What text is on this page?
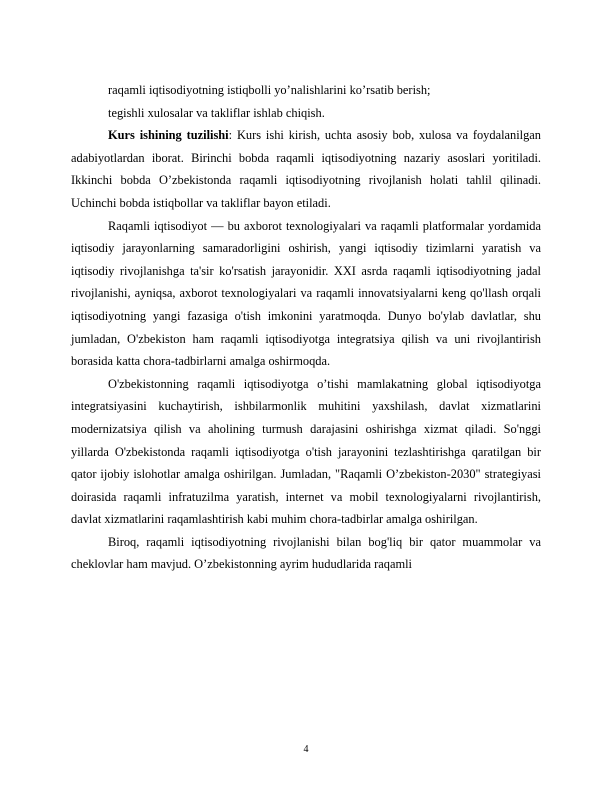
raqamli iqtisodiyotning istiqbolli yo’nalishlarini ko’rsatib berish;

tegishli xulosalar va takliflar ishlab chiqish.

Kurs ishining tuzilishi: Kurs ishi kirish, uchta asosiy bob, xulosa va foydalanilgan adabiyotlardan iborat. Birinchi bobda raqamli iqtisodiyotning nazariy asoslari yoritiladi. Ikkinchi bobda O’zbekistonda raqamli iqtisodiyotning rivojlanish holati tahlil qilinadi. Uchinchi bobda istiqbollar va takliflar bayon etiladi.

Raqamli iqtisodiyot — bu axborot texnologiyalari va raqamli platformalar yordamida iqtisodiy jarayonlarning samaradorligini oshirish, yangi iqtisodiy tizimlarni yaratish va iqtisodiy rivojlanishga ta'sir ko'rsatish jarayonidir. XXI asrda raqamli iqtisodiyotning jadal rivojlanishi, ayniqsa, axborot texnologiyalari va raqamli innovatsiyalarni keng qo'llash orqali iqtisodiyotning yangi fazasiga o'tish imkonini yaratmoqda. Dunyo bo'ylab davlatlar, shu jumladan, O'zbekiston ham raqamli iqtisodiyotga integratsiya qilish va uni rivojlantirish borasida katta chora-tadbirlarni amalga oshirmoqda.

O'zbekistonning raqamli iqtisodiyotga o’tishi mamlakatning global iqtisodiyotga integratsiyasini kuchaytirish, ishbilarmonlik muhitini yaxshilash, davlat xizmatlarini modernizatsiya qilish va aholining turmush darajasini oshirishga xizmat qiladi. So'nggi yillarda O'zbekistonda raqamli iqtisodiyotga o'tish jarayonini tezlashtirishga qaratilgan bir qator ijobiy islohotlar amalga oshirilgan. Jumladan, "Raqamli O’zbekiston-2030" strategiyasi doirasida raqamli infratuzilma yaratish, internet va mobil texnologiyalarni rivojlantirish, davlat xizmatlarini raqamlashtirish kabi muhim chora-tadbirlar amalga oshirilgan.

Biroq, raqamli iqtisodiyotning rivojlanishi bilan bog'liq bir qator muammolar va cheklovlar ham mavjud. O’zbekistonning ayrim hududlarida raqamli

4
